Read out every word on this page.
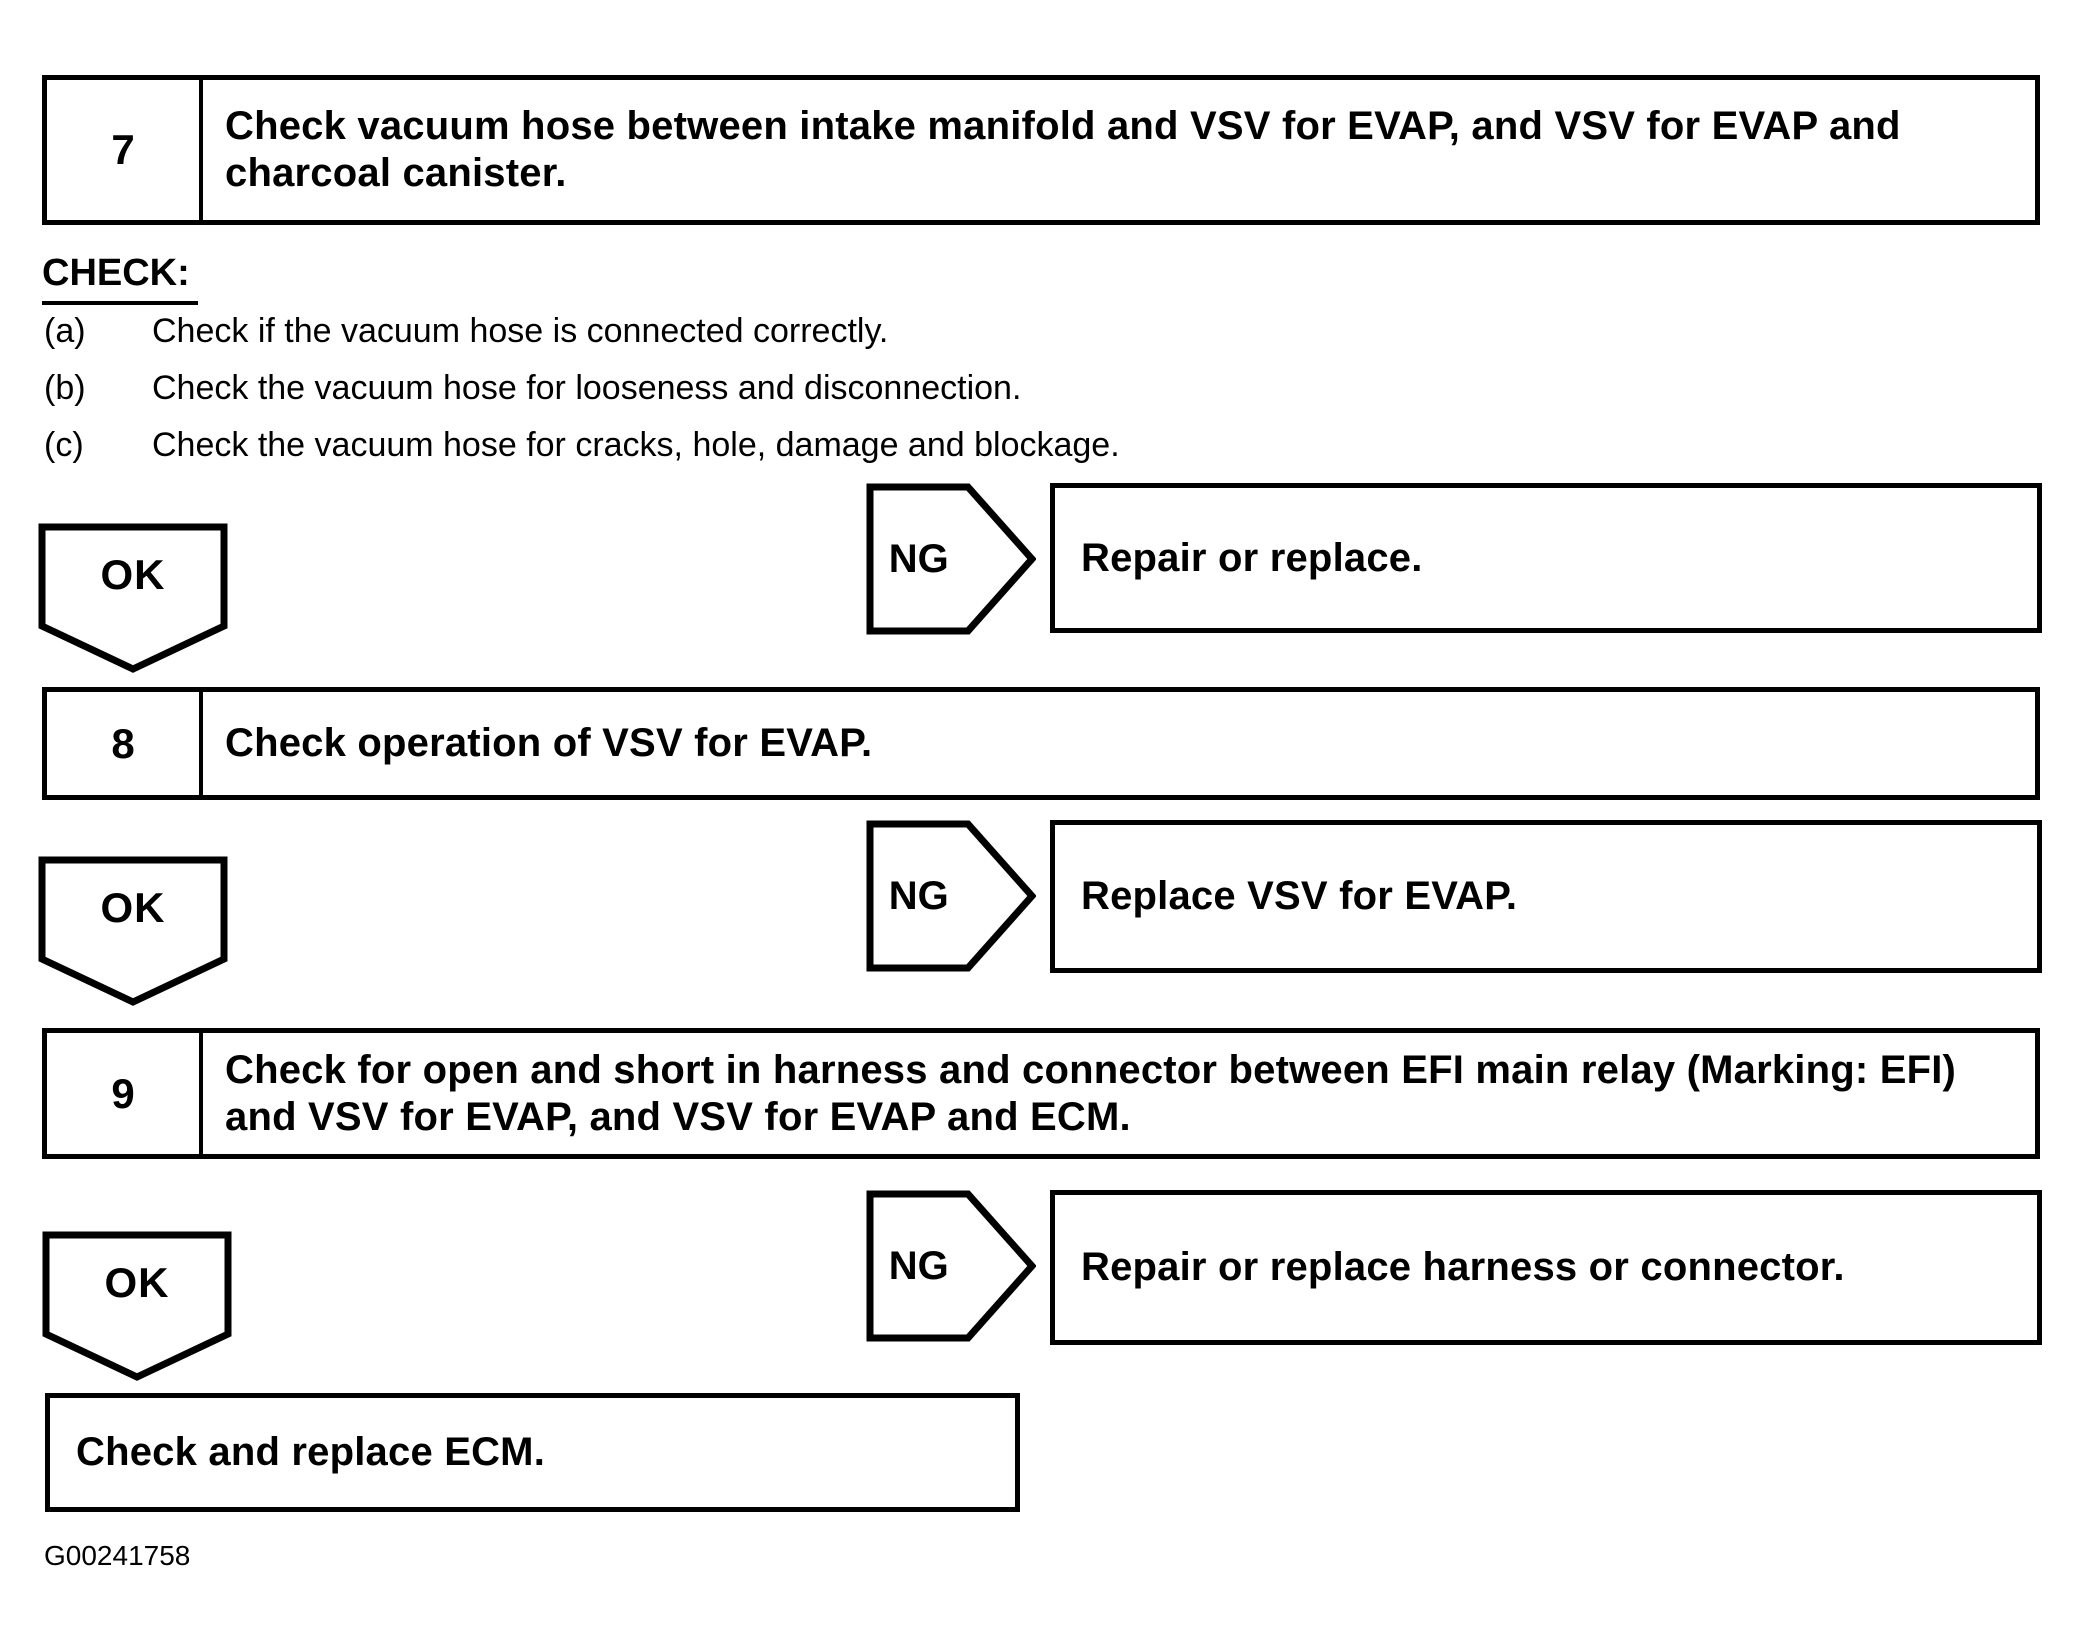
7	Check vacuum hose between intake manifold and VSV for EVAP, and VSV for EVAP and charcoal canister.
CHECK:
(a) Check if the vacuum hose is connected correctly.
(b) Check the vacuum hose for looseness and disconnection.
(c) Check the vacuum hose for cracks, hole, damage and blockage.
OK	NG	Repair or replace.
8	Check operation of VSV for EVAP.
OK	NG	Replace VSV for EVAP.
9	Check for open and short in harness and connector between EFI main relay (Marking: EFI) and VSV for EVAP, and VSV for EVAP and ECM.
OK	NG	Repair or replace harness or connector.
Check and replace ECM.
G00241758
